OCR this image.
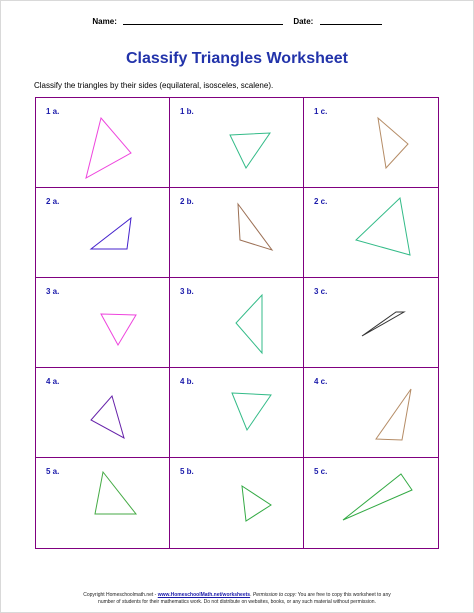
Name:	Date:
Classify Triangles Worksheet
Classify the triangles by their sides (equilateral, isosceles, scalene).
1 a.	1 b.	1 c.
2 a.	2 b.	2 c.
3 a.	3 b.	3 c.
4 a.	4 b.	4 c.
5 a.	5 b.	5 c.
Copyright Homeschoolmath.net - www.HomeschoolMath.net/worksheets. Permission to copy: You are free to copy this worksheet to any
number of students for their mathematics work. Do not distribute on websites, books, or any such material without permission.
